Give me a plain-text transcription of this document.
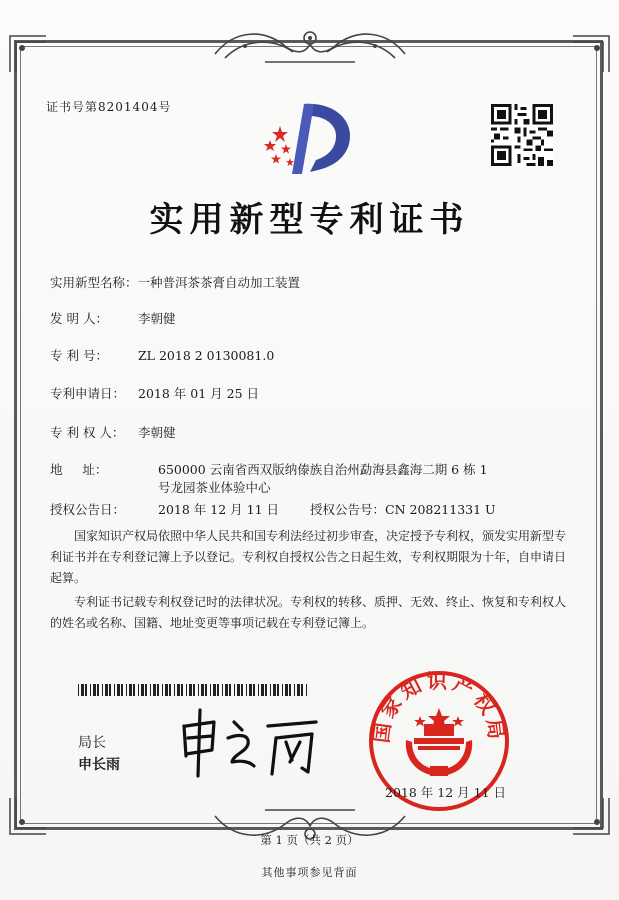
证书号第8201404号
实用新型专利证书
实用新型名称：一种普洱茶茶膏自动加工装置
发 明 人： 李朝健
专 利 号： ZL 2018 2 0130081.0
专利申请日： 2018 年 01 月 25 日
专 利 权 人： 李朝健
地     址：	650000 云南省西双版纳傣族自治州勐海县鑫海二期 6 栋 1
号龙园茶业体验中心
授权公告日：	2018 年 12 月 11 日 授权公告号：CN 208211331 U
国家知识产权局依照中华人民共和国专利法经过初步审查，决定授予专利权，颁发实用新型专利证书并在专利登记簿上予以登记。专利权自授权公告之日起生效，专利权期限为十年，自申请日起算。
专利证书记载专利权登记时的法律状况。专利权的转移、质押、无效、终止、恢复和专利权人的姓名或名称、国籍、地址变更等事项记载在专利登记簿上。
局长
申长雨
国家知识产权局
2018 年 12 月 11 日
第 1 页（共 2 页）
其他事项参见背面
